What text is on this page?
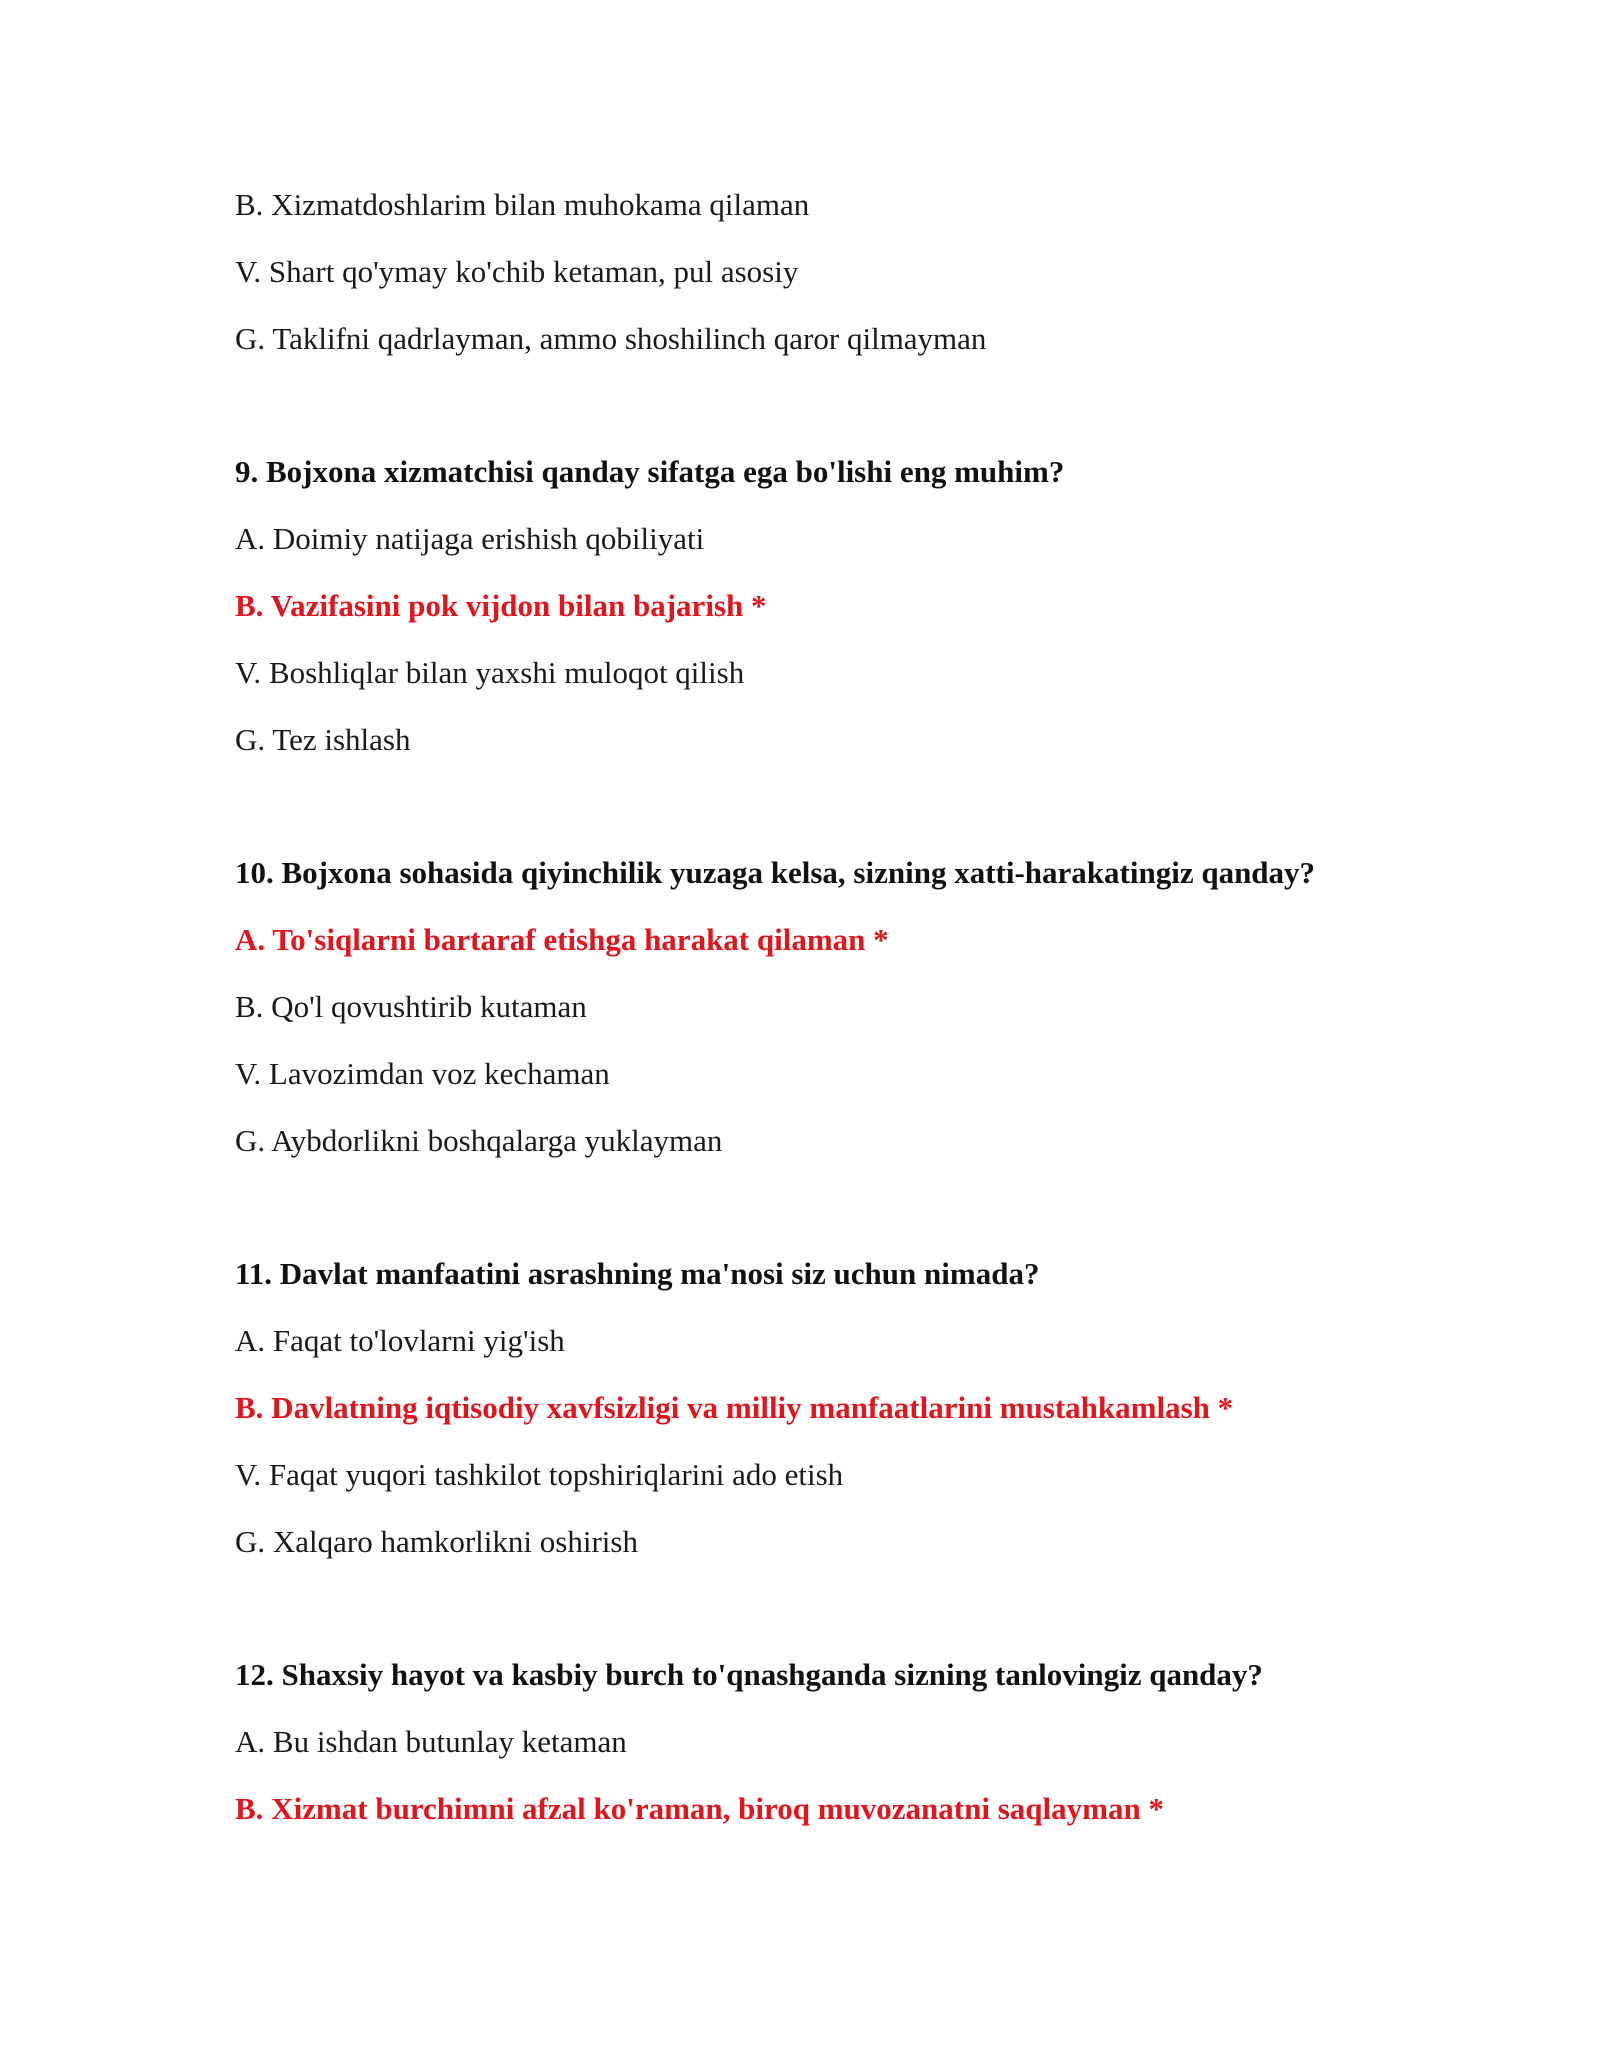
B. Xizmatdoshlarim bilan muhokama qilaman
V. Shart qo'ymay ko'chib ketaman, pul asosiy
G. Taklifni qadrlayman, ammo shoshilinch qaror qilmayman
9. Bojxona xizmatchisi qanday sifatga ega bo'lishi eng muhim?
A. Doimiy natijaga erishish qobiliyati
B. Vazifasini pok vijdon bilan bajarish *
V. Boshliqlar bilan yaxshi muloqot qilish
G. Tez ishlash
10. Bojxona sohasida qiyinchilik yuzaga kelsa, sizning xatti-harakatingiz qanday?
A. To'siqlarni bartaraf etishga harakat qilaman *
B. Qo'l qovushtirib kutaman
V. Lavozimdan voz kechaman
G. Aybdorlikni boshqalarga yuklayman
11. Davlat manfaatini asrashning ma'nosi siz uchun nimada?
A. Faqat to'lovlarni yig'ish
B. Davlatning iqtisodiy xavfsizligi va milliy manfaatlarini mustahkamlash *
V. Faqat yuqori tashkilot topshiriqlarini ado etish
G. Xalqaro hamkorlikni oshirish
12. Shaxsiy hayot va kasbiy burch to'qnashganda sizning tanlovingiz qanday?
A. Bu ishdan butunlay ketaman
B. Xizmat burchimni afzal ko'raman, biroq muvozanatni saqlayman *
